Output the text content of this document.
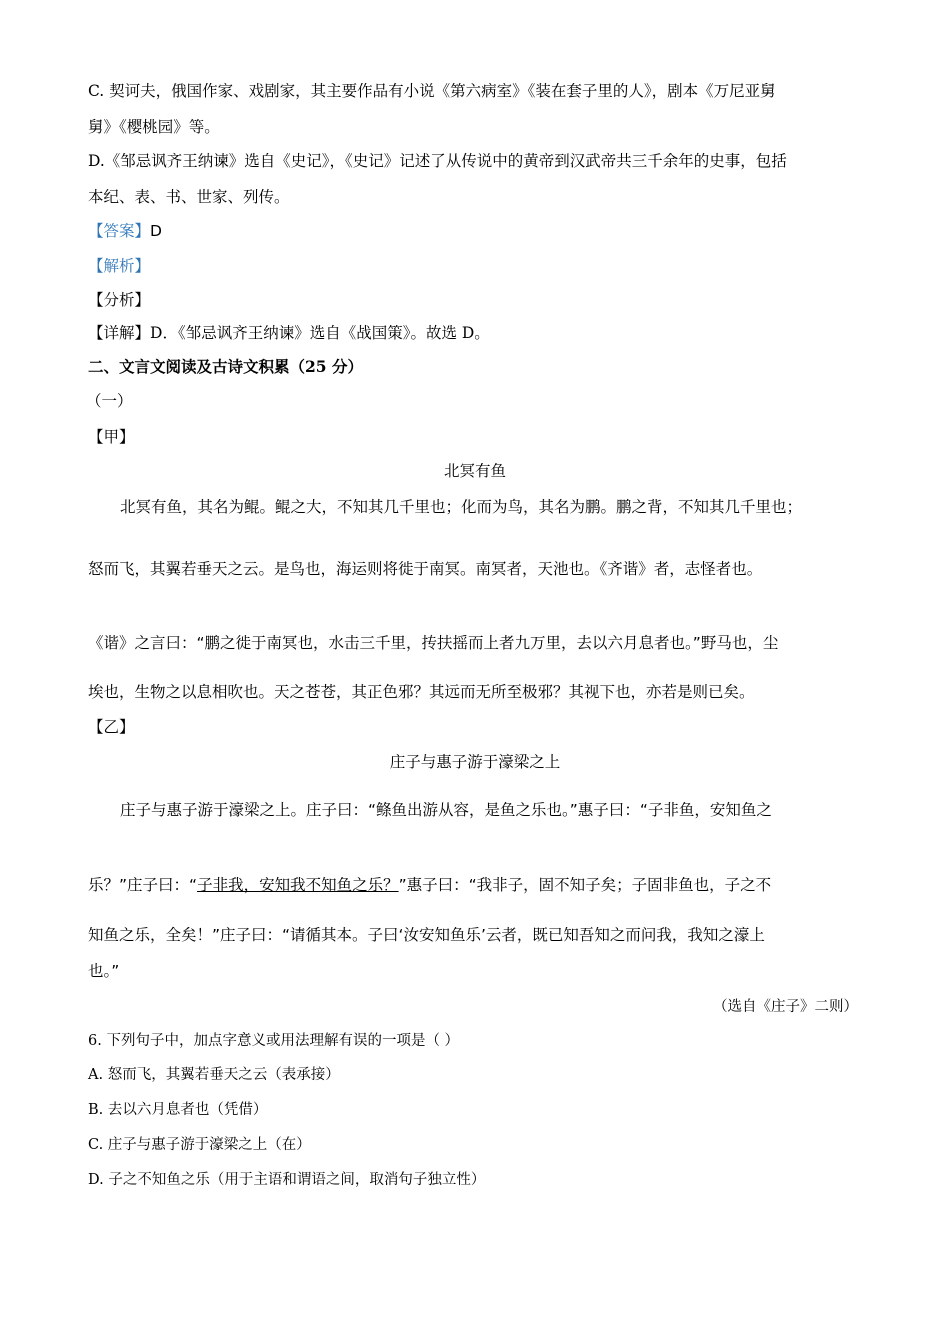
C. 契诃夫，俄国作家、戏剧家，其主要作品有小说《第六病室》《装在套子里的人》，剧本《万尼亚舅
舅》《樱桃园》等。
D.《邹忌讽齐王纳谏》选自《史记》，《史记》记述了从传说中的黄帝到汉武帝共三千余年的史事，包括
本纪、表、书、世家、列传。
【答案】D
【解析】
【分析】
【详解】D．《邹忌讽齐王纳谏》选自《战国策》。故选 D。
二、文言文阅读及古诗文积累（25 分）
（一）
【甲】
北冥有鱼
北冥有鱼，其名为鲲。鲲之大，不知其几千里也；化而为鸟，其名为鹏。鹏之背，不知其几千里也；
怒而飞，其翼若垂天之云。是鸟也，海运则将徙于南冥。南冥者，天池也。《齐谐》者，志怪者也。
《谐》之言曰：“鹏之徙于南冥也，水击三千里，抟扶摇而上者九万里，去以六月息者也。”野马也，尘
埃也，生物之以息相吹也。天之苍苍，其正色邪？其远而无所至极邪？其视下也，亦若是则已矣。
【乙】
庄子与惠子游于濠梁之上
庄子与惠子游于濠梁之上。庄子曰：“鲦鱼出游从容，是鱼之乐也。”惠子曰：“子非鱼，安知鱼之
乐？”庄子曰：“子非我，安知我不知鱼之乐？”惠子曰：“我非子，固不知子矣；子固非鱼也，子之不
知鱼之乐，全矣！”庄子曰：“请循其本。子曰‘汝安知鱼乐’云者，既已知吾知之而问我，我知之濠上
也。”
（选自《庄子》二则）
6. 下列句子中，加点字意义或用法理解有误的一项是（ ）
A. 怒而飞，其翼若垂天之云（表承接）
B. 去以六月息者也（凭借）
C. 庄子与惠子游于濠梁之上（在）
D. 子之不知鱼之乐（用于主语和谓语之间，取消句子独立性）
